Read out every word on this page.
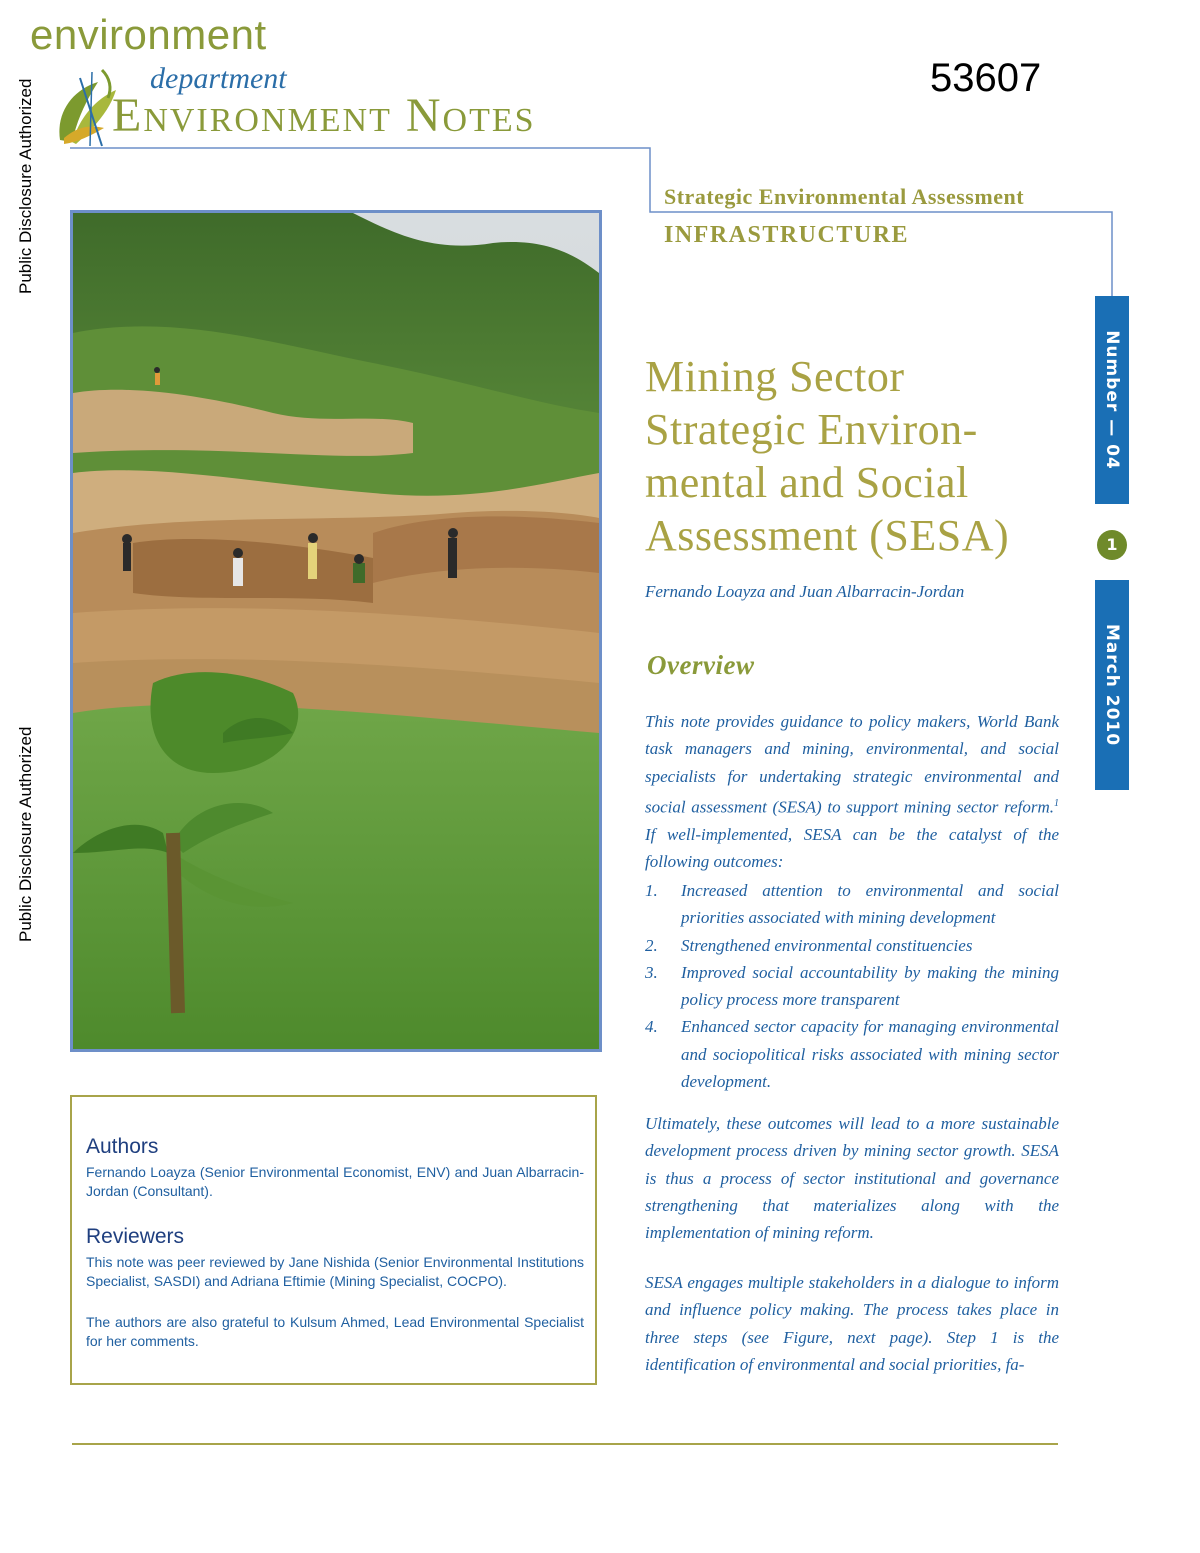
Public Disclosure Authorized
Public Disclosure Authorized
environment
department
Environment Notes
53607
Strategic Environmental Assessment
INFRASTRUCTURE
Number — 04
1
March 2010
Mining Sector
Strategic Environ-
mental and Social
Assessment (SESA)
Fernando Loayza and Juan Albarracin-Jordan
Overview
This note provides guidance to policy makers, World Bank task managers and mining, environmental, and social specialists for undertaking strategic environmental and social assessment (SESA) to support mining sector reform.$^1$ If well-implemented, SESA can be the catalyst of the following outcomes:
1. Increased attention to environmental and social priorities associated with mining development
2. Strengthened environmental constituencies
3. Improved social accountability by making the mining policy process more transparent
4. Enhanced sector capacity for managing environmental and sociopolitical risks associated with mining sector development.
Ultimately, these outcomes will lead to a more sustainable development process driven by mining sector growth. SESA is thus a process of sector institutional and governance strengthening that materializes along with the implementation of mining reform.
SESA engages multiple stakeholders in a dialogue to inform and influence policy making. The process takes place in three steps (see Figure, next page). Step 1 is the identification of environmental and social priorities, fa-
Authors
Fernando Loayza (Senior Environmental Economist, ENV) and Juan Albarracin-Jordan (Consultant).
Reviewers
This note was peer reviewed by Jane Nishida (Senior Environmental Institutions Specialist, SASDI) and Adriana Eftimie (Mining Specialist, COCPO).
The authors are also grateful to Kulsum Ahmed, Lead Environmental Specialist for her comments.
